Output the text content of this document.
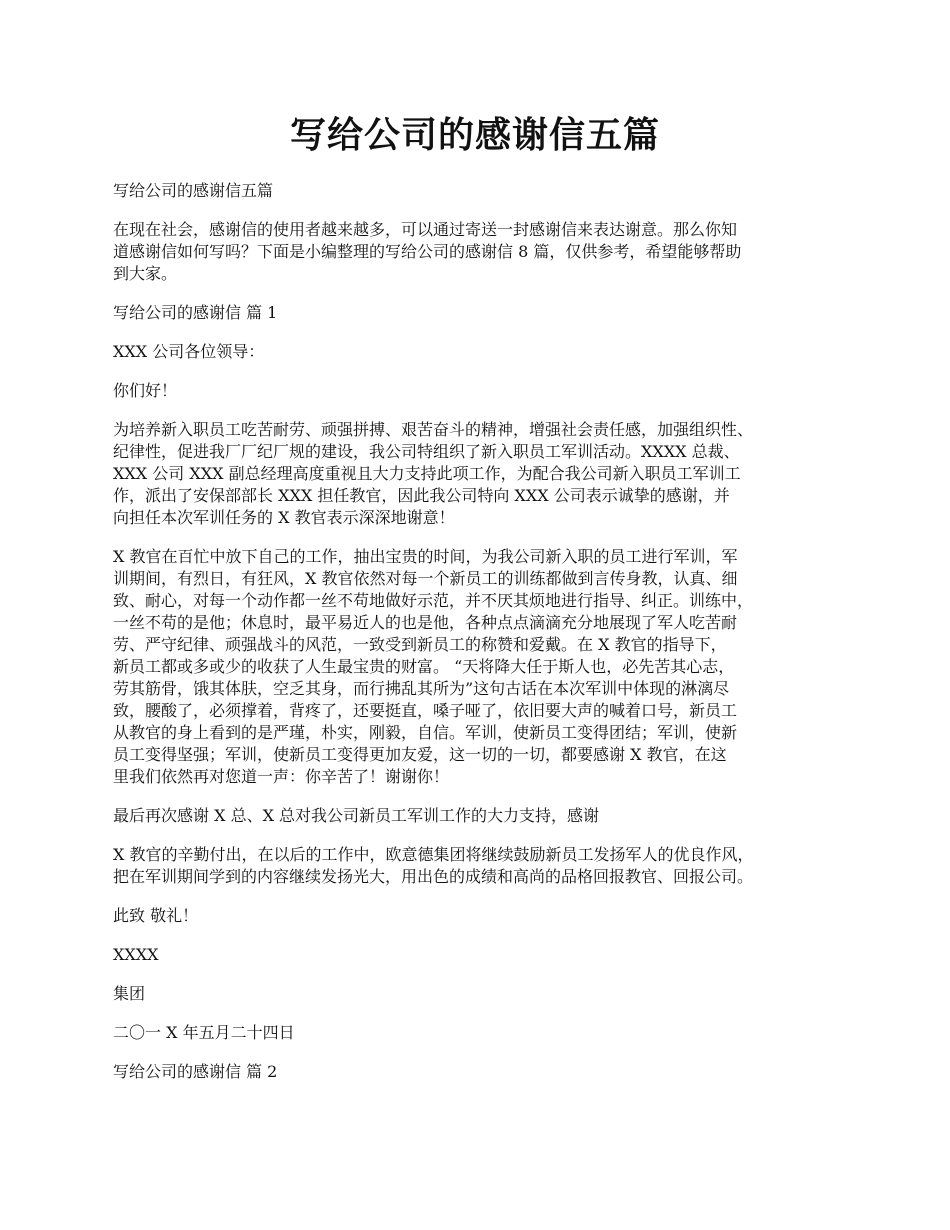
写给公司的感谢信五篇

写给公司的感谢信五篇

在现在社会，感谢信的使用者越来越多，可以通过寄送一封感谢信来表达谢意。那么你知
道感谢信如何写吗？下面是小编整理的写给公司的感谢信 8 篇，仅供参考，希望能够帮助
到大家。

写给公司的感谢信 篇 1

XXX 公司各位领导：

你们好！

为培养新入职员工吃苦耐劳、顽强拼搏、艰苦奋斗的精神，增强社会责任感，加强组织性、
纪律性，促进我厂厂纪厂规的建设，我公司特组织了新入职员工军训活动。XXXX 总裁、
XXX 公司 XXX 副总经理高度重视且大力支持此项工作，为配合我公司新入职员工军训工
作，派出了安保部部长 XXX 担任教官，因此我公司特向 XXX 公司表示诚挚的感谢，并
向担任本次军训任务的 X 教官表示深深地谢意！

X 教官在百忙中放下自己的工作，抽出宝贵的时间，为我公司新入职的员工进行军训，军
训期间，有烈日，有狂风，X 教官依然对每一个新员工的训练都做到言传身教，认真、细
致、耐心，对每一个动作都一丝不苟地做好示范，并不厌其烦地进行指导、纠正。训练中，
一丝不苟的是他；休息时，最平易近人的也是他，各种点点滴滴充分地展现了军人吃苦耐
劳、严守纪律、顽强战斗的风范，一致受到新员工的称赞和爱戴。在 X 教官的指导下，
新员工都或多或少的收获了人生最宝贵的财富。 “天将降大任于斯人也，必先苦其心志，
劳其筋骨，饿其体肤，空乏其身，而行拂乱其所为”这句古话在本次军训中体现的淋漓尽
致，腰酸了，必须撑着，背疼了，还要挺直，嗓子哑了，依旧要大声的喊着口号，新员工
从教官的身上看到的是严瑾，朴实，刚毅，自信。军训，使新员工变得团结；军训，使新
员工变得坚强；军训，使新员工变得更加友爱，这一切的一切，都要感谢 X 教官，在这
里我们依然再对您道一声：你辛苦了！谢谢你！

最后再次感谢 X 总、X 总对我公司新员工军训工作的大力支持，感谢

X 教官的辛勤付出，在以后的工作中，欧意德集团将继续鼓励新员工发扬军人的优良作风，
把在军训期间学到的内容继续发扬光大，用出色的成绩和高尚的品格回报教官、回报公司。

此致 敬礼！

XXXX

集团

二〇一 X 年五月二十四日

写给公司的感谢信 篇 2
